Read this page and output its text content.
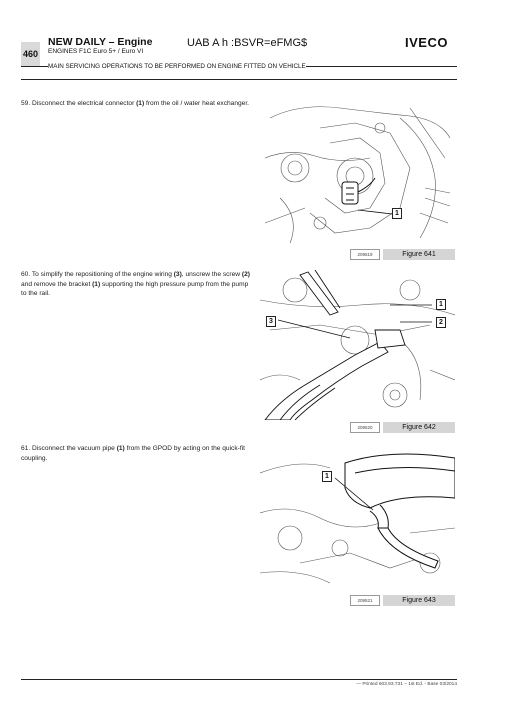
460
NEW DAILY – Engine
ENGINES F1C Euro 5+ / Euro VI
UAB A h :BSVR=eFMG$	IVECO
MAIN SERVICING OPERATIONS TO BE PERFORMED ON ENGINE FITTED ON VEHICLE
59. Disconnect the electrical connector (1) from the oil / water heat exchanger.
1
209519	Figure 641
60. To simplify the repositioning of the engine wiring (3), unscrew the screw (2) and remove the bracket (1) supporting the high pressure pump from the pump to the rail.
1
2
3
209520	Figure 642
61. Disconnect the vacuum pipe (1) from the GPOD by acting on the quick-fit coupling.
1
209521	Figure 643
— Printed 603.93.731 – 1st Ed. - Base 03/2014
